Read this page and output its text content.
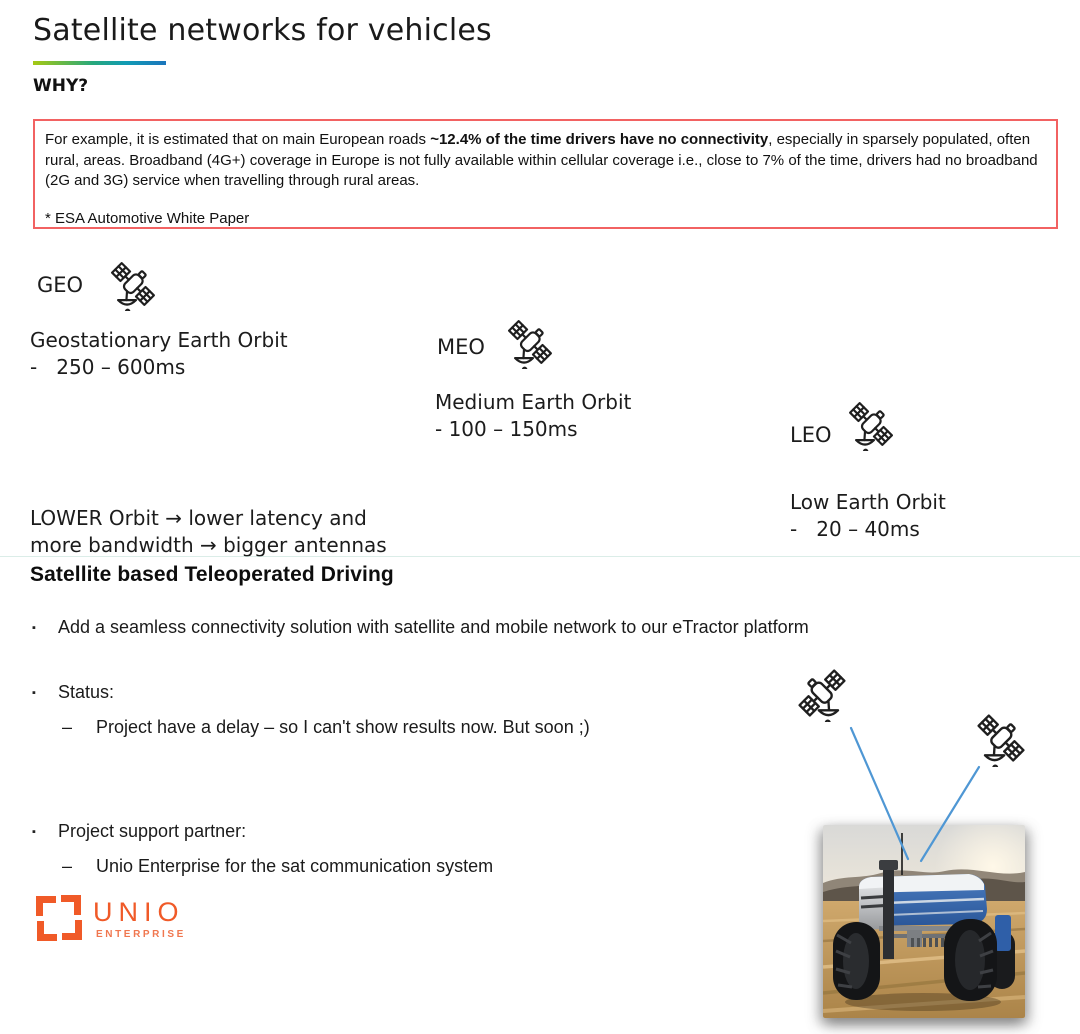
Satellite networks for vehicles
WHY?
For example, it is estimated that on main European roads ~12.4% of the time drivers have no connectivity, especially in sparsely populated, often rural, areas. Broadband (4G+) coverage in Europe is not fully available within cellular coverage i.e., close to 7% of the time, drivers had no broadband (2G and 3G) service when travelling through rural areas.
* ESA Automotive White Paper
GEO
Geostationary Earth Orbit
-   250 – 600ms
MEO
Medium Earth Orbit
- 100 – 150ms	LEO
Low Earth Orbit
-   20 – 40ms
LOWER Orbit → lower latency and
more bandwidth → bigger antennas
Satellite based Teleoperated Driving
▪ Add a seamless connectivity solution with satellite and mobile network to our eTractor platform
▪ Status:
– Project have a delay – so I can't show results now. But soon ;)
▪ Project support partner:
– Unio Enterprise for the sat communication system
UNIO
ENTERPRISE
